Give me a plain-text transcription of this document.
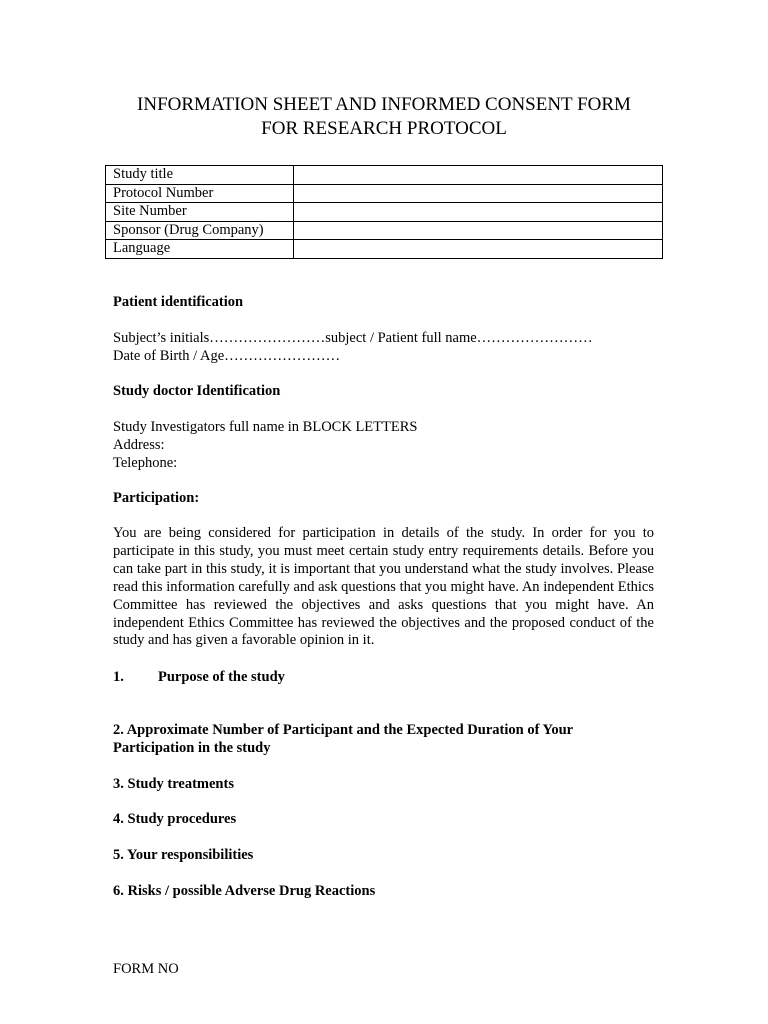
INFORMATION SHEET AND INFORMED CONSENT FORM
FOR RESEARCH PROTOCOL
Study title	
Protocol Number	
Site Number	
Sponsor (Drug Company)	
Language	
Patient identification
Subject’s initials……………………subject / Patient full name……………………
Date of Birth / Age……………………
Study doctor Identification
Study Investigators full name in BLOCK LETTERS
Address:
Telephone:
Participation:
You are being considered for participation in details of the study. In order for you to participate in this study, you must meet certain study entry requirements details. Before you can take part in this study, it is important that you understand what the study involves. Please read this information carefully and ask questions that you might have. An independent Ethics Committee has reviewed the objectives and asks questions that you might have. An independent Ethics Committee has reviewed the objectives and the proposed conduct of the study and has given a favorable opinion in it.
1.	Purpose of the study
2. Approximate Number of Participant and the Expected Duration of Your
Participation in the study
3. Study treatments
4. Study procedures
5. Your responsibilities
6. Risks / possible Adverse Drug Reactions
FORM NO
